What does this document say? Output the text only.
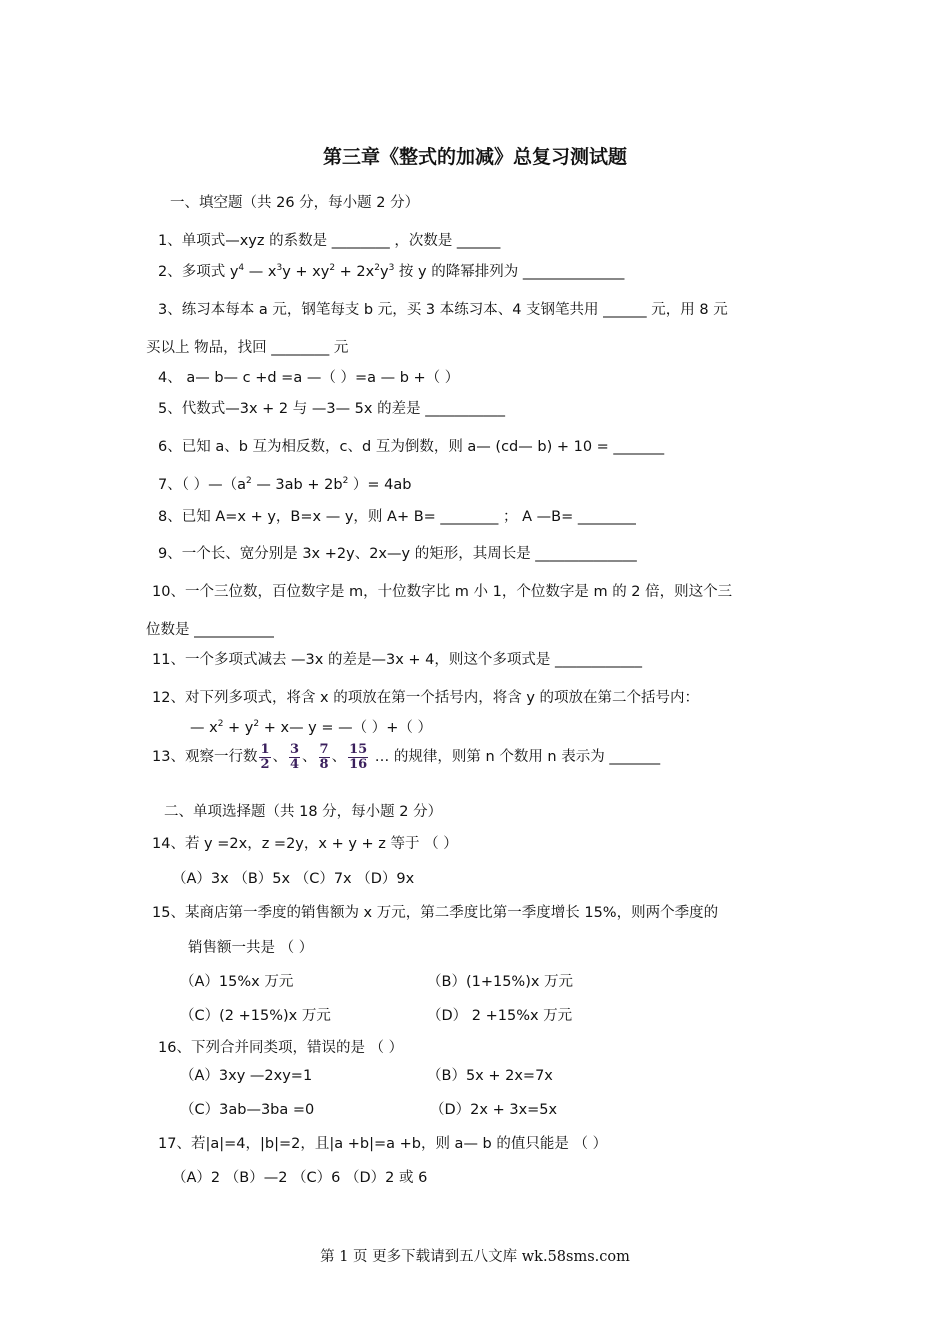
第三章《整式的加减》总复习测试题
一、填空题（共 26 分，每小题 2 分）
1、单项式—xyz 的系数是 ________ ，次数是 ______
2、多项式 $y^4$ — $x^3y + xy^2 + 2x^2y^3$ 按 y 的降幂排列为 ______________
3、练习本每本 a 元，钢笔每支 b 元，买 3 本练习本、4 支钢笔共用 ______ 元，用 8 元
买以上 物品，找回 ________ 元
4、 a— b— c +d =a —（ ）=a — b +（ ）
5、代数式—3x + 2 与 —3— 5x 的差是 ___________
6、已知 a、b 互为相反数，c、d 互为倒数，则 a— (cd— b) + 10 = _______
7、（ ）$—(a^2$ — $3ab + 2b^2$ ）= 4ab
8、已知 A=x + y，B=x — y，则 A+ B= ________ ； A —B= ________
9、一个长、宽分别是 3x +2y、2x—y 的矩形，其周长是 ______________
10、一个三位数，百位数字是 m，十位数字比 m 小 1，个位数字是 m 的 2 倍，则这个三
位数是 ___________
11、一个多项式减去 —3x 的差是—3x + 4，则这个多项式是 ____________
12、对下列多项式，将含 x 的项放在第一个括号内，将含 y 的项放在第二个括号内：
— $x^2 + y^2$ + x— y = —（ ）+（ ）
13、观察一行数 $\frac{1}{2}$ 、 $\frac{3}{4}$ 、 $\frac{7}{8}$ 、 $\frac{15}{16}$ … 的规律，则第 n 个数用 n 表示为 _______
二、单项选择题（共 18 分，每小题 2 分）
14、若 y =2x，z =2y，x + y + z 等于 （ ）
（A）3x （B）5x （C）7x （D）9x
15、某商店第一季度的销售额为 x 万元，第二季度比第一季度增长 15%，则两个季度的
销售额一共是 （ ）
（A）15%x 万元	（B）(1+15%)x 万元
（C）(2 +15%)x 万元	（D） 2 +15%x 万元
16、下列合并同类项，错误的是 （ ）
（A）3xy —2xy=1	（B）5x + 2x=7x
（C）3ab—3ba =0	（D）2x + 3x=5x
17、若|a|=4，|b|=2，且|a +b|=a +b，则 a— b 的值只能是 （ ）
（A）2 （B）—2 （C）6 （D）2 或 6
第 1 页 更多下载请到五八文库 wk.58sms.com
